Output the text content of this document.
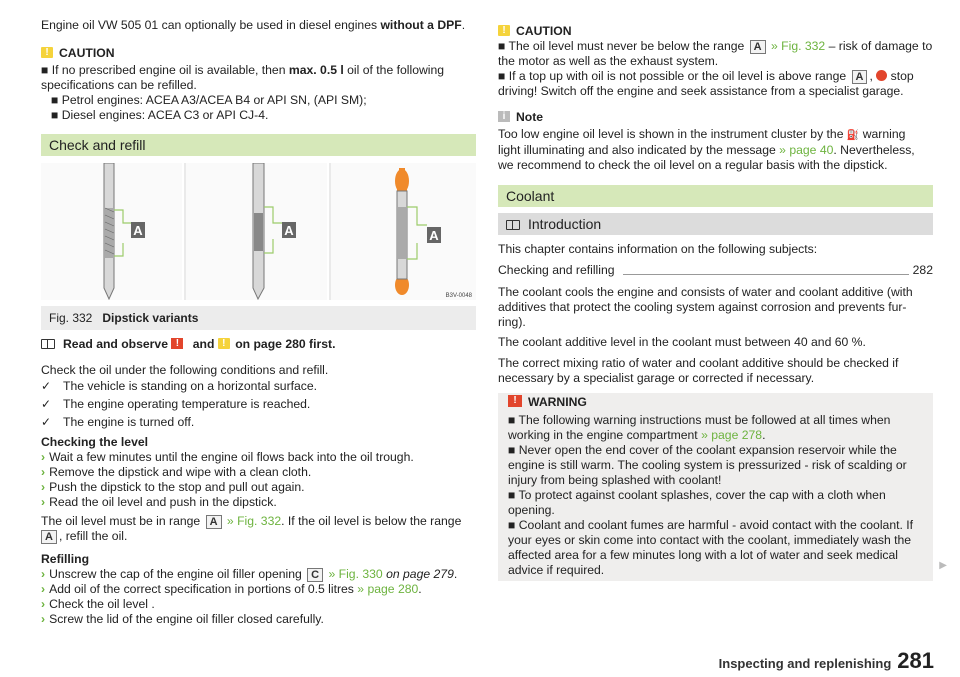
Engine oil VW 505 01 can optionally be used in diesel engines without a DPF.

!CAUTION

■ If no prescribed engine oil is available, then max. 0.5 l oil of the following

specifications can be refilled.

■ Petrol engines: ACEA A3/ACEA B4 or API SN, (API SM);

■ Diesel engines: ACEA C3 or API CJ-4.

Check and refill
A	A	A
B3V-0048
Fig. 332 Dipstick variants

Read and observe ! and ! on page 280 first.

Check the oil under the following conditions and refill.

✓ The vehicle is standing on a horizontal surface.

✓ The engine operating temperature is reached.

✓ The engine is turned off.

Checking the level

› Wait a few minutes until the engine oil flows back into the oil trough.

› Remove the dipstick and wipe with a clean cloth.

› Push the dipstick to the stop and pull out again.

› Read the oil level and push in the dipstick.

The oil level must be in range A » Fig. 332. If the oil level is below the range

A , refill the oil.

Refilling

› Unscrew the cap of the engine oil filler opening C » Fig. 330 on page 279.

› Add oil of the correct specification in portions of 0.5 litres » page 280.

› Check the oil level .

› Screw the lid of the engine oil filler closed carefully.

!CAUTION

■ The oil level must never be below the range A » Fig. 332 – risk of damage to

the motor as well as the exhaust system.

■ If a top up with oil is not possible or the oil level is above range A ,  stop

driving! Switch off the engine and seek assistance from a specialist garage.

iNote

Too low engine oil level is shown in the instrument cluster by the ⛽ warning

light illuminating and also indicated by the message » page 40. Nevertheless,

we recommend to check the oil level on a regular basis with the dipstick.

Coolant
Introduction

This chapter contains information on the following subjects:

Checking and refilling	282

The coolant cools the engine and consists of water and coolant additive (with

additives that protect the cooling system against corrosion and prevents fur-

ring).

The coolant additive level in the coolant must between 40 and 60 %.

The correct mixing ratio of water and coolant additive should be checked if

necessary by a specialist garage or corrected if necessary.

!WARNING

■ The following warning instructions must be followed at all times when

working in the engine compartment » page 278.

■ Never open the end cover of the coolant expansion reservoir while the

engine is still warm. The cooling system is pressurized - risk of scalding or

injury from being splashed with coolant!

■ To protect against coolant splashes, cover the cap with a cloth when

opening.

■ Coolant and coolant fumes are harmful - avoid contact with the coolant. If

your eyes or skin come into contact with the coolant, immediately wash the

affected area for a few minutes long with a lot of water and seek medical

advice if required.	▶
Inspecting and replenishing 281
